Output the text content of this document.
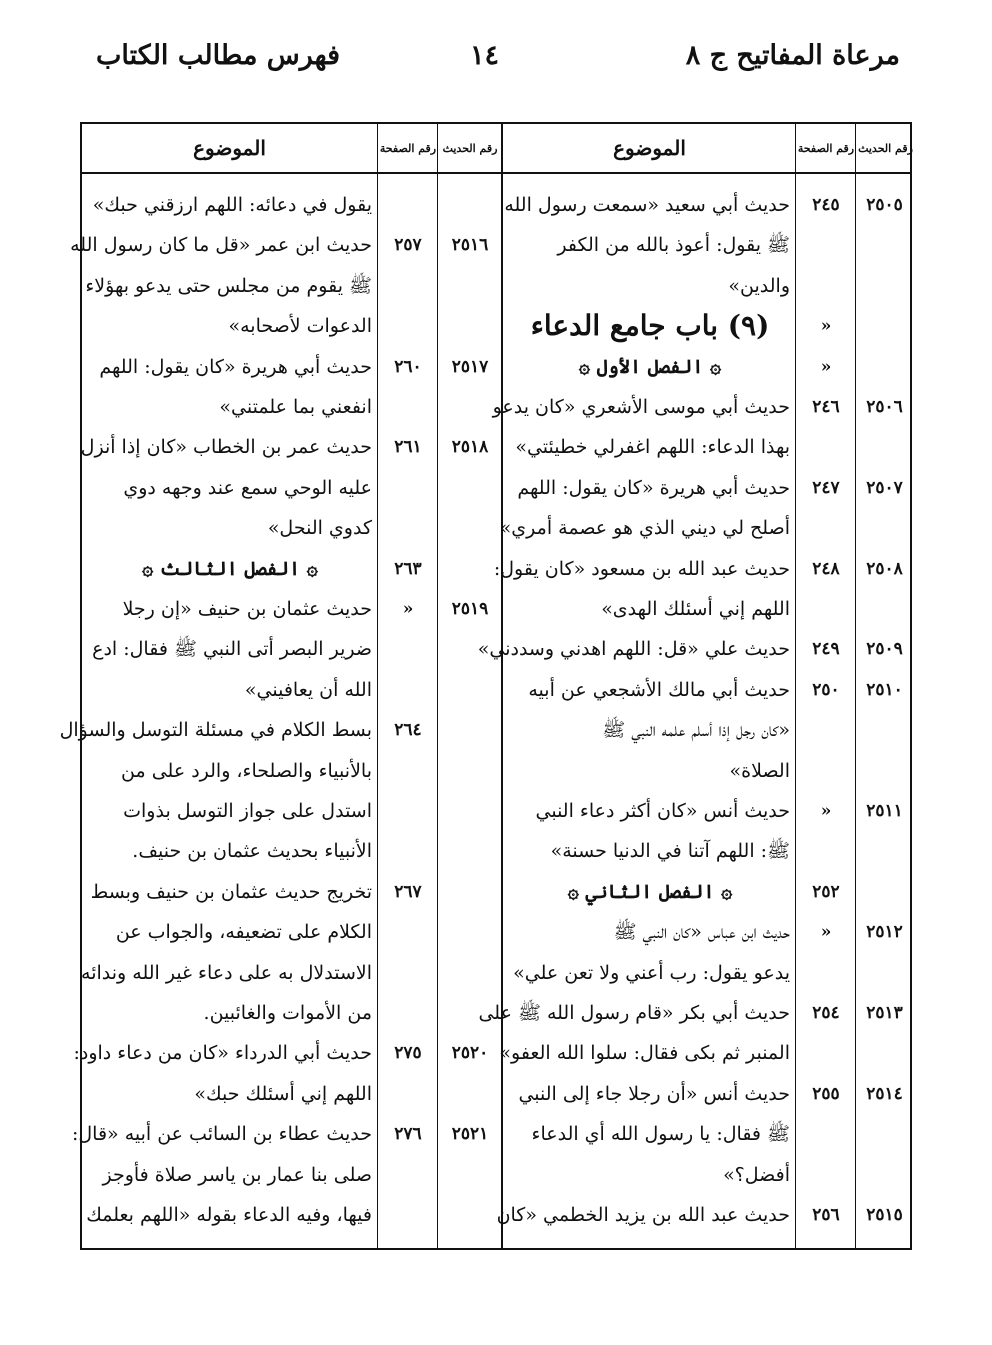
مرعاة المفاتيح ج ٨
١٤
فهرس مطالب الكتاب
رقم الحديث
رقم الصفحة
الموضوع
رقم الحديث
رقم الصفحة
الموضوع
٢٥٠٥
٢٤٥
حديث أبي سعيد «سمعت رسول الله
ﷺ يقول: أعوذ بالله من الكفر
والدين»
»
(٩) باب جامع الدعاء
»
۞ الفصل الأول ۞
٢٥٠٦
٢٤٦
حديث أبي موسى الأشعري «كان يدعو
بهذا الدعاء: اللهم اغفرلي خطيئتي»
٢٥٠٧
٢٤٧
حديث أبي هريرة «كان يقول: اللهم
أصلح لي ديني الذي هو عصمة أمري»
٢٥٠٨
٢٤٨
حديث عبد الله بن مسعود «كان يقول:
اللهم إني أسئلك الهدى»
٢٥٠٩
٢٤٩
حديث علي «قل: اللهم اهدني وسددني»
٢٥١٠
٢٥٠
حديث أبي مالك الأشجعي عن أبيه
«كان رجل إذا أسلم علمه النبي ﷺ
الصلاة»
٢٥١١
»
حديث أنس «كان أكثر دعاء النبي
ﷺ: اللهم آتنا في الدنيا حسنة»
٢٥٢
۞ الفصل الثاني ۞
٢٥١٢
»
حديث ابن عباس «كان النبي ﷺ
يدعو يقول: رب أعني ولا تعن علي»
٢٥١٣
٢٥٤
حديث أبي بكر «قام رسول الله ﷺ على
المنبر ثم بكى فقال: سلوا الله العفو»
٢٥١٤
٢٥٥
حديث أنس «أن رجلا جاء إلى النبي
ﷺ فقال: يا رسول الله أي الدعاء
أفضل؟»
٢٥١٥
٢٥٦
حديث عبد الله بن يزيد الخطمي «كان
يقول في دعائه: اللهم ارزقني حبك»
٢٥١٦
٢٥٧
حديث ابن عمر «قل ما كان رسول الله
ﷺ يقوم من مجلس حتى يدعو بهؤلاء
الدعوات لأصحابه»
٢٥١٧
٢٦٠
حديث أبي هريرة «كان يقول: اللهم
انفعني بما علمتني»
٢٥١٨
٢٦١
حديث عمر بن الخطاب «كان إذا أنزل
عليه الوحي سمع عند وجهه دوي
كدوي النحل»
٢٦٣
۞ الفصل الثالث ۞
٢٥١٩
»
حديث عثمان بن حنيف «إن رجلا
ضرير البصر أتى النبي ﷺ فقال: ادع
الله أن يعافيني»
٢٦٤
بسط الكلام في مسئلة التوسل والسؤال
بالأنبياء والصلحاء، والرد على من
استدل على جواز التوسل بذوات
الأنبياء بحديث عثمان بن حنيف.
٢٦٧
تخريج حديث عثمان بن حنيف وبسط
الكلام على تضعيفه، والجواب عن
الاستدلال به على دعاء غير الله وندائه
من الأموات والغائبين.
٢٥٢٠
٢٧٥
حديث أبي الدرداء «كان من دعاء داود:
اللهم إني أسئلك حبك»
٢٥٢١
٢٧٦
حديث عطاء بن السائب عن أبيه «قال:
صلى بنا عمار بن ياسر صلاة فأوجز
فيها، وفيه الدعاء بقوله «اللهم بعلمك
